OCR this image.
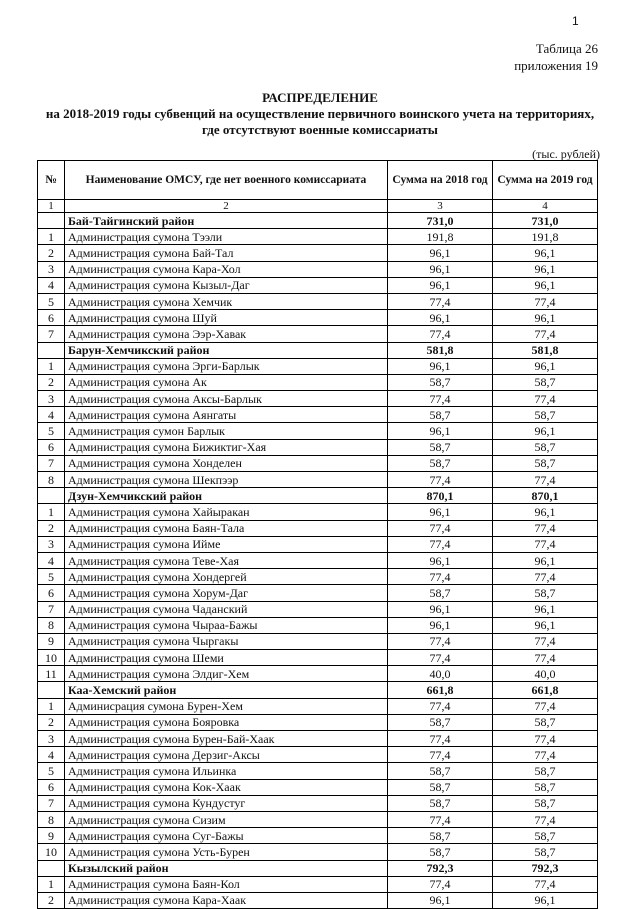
1
Таблица 26
приложения 19
РАСПРЕДЕЛЕНИЕ
на 2018-2019 годы субвенций на осуществление первичного воинского учета на территориях,
где отсутствуют военные комиссариаты
(тыс. рублей)
№	Наименование ОМСУ, где нет военного комиссариата	Сумма на 2018 год	Сумма на 2019 год
1	2	3	4
	Бай-Тайгинский район	731,0	731,0
1	Администрация сумона Тээли	191,8	191,8
2	Администрация сумона Бай-Тал	96,1	96,1
3	Администрация сумона Кара-Хол	96,1	96,1
4	Администрация сумона Кызыл-Даг	96,1	96,1
5	Администрация сумона Хемчик	77,4	77,4
6	Администрация сумона Шуй	96,1	96,1
7	Администрация сумона Ээр-Хавак	77,4	77,4
	Барун-Хемчикский район	581,8	581,8
1	Администрация сумона Эрги-Барлык	96,1	96,1
2	Администрация сумона Ак	58,7	58,7
3	Администрация сумона Аксы-Барлык	77,4	77,4
4	Администрация сумона Аянгаты	58,7	58,7
5	Администрация сумон Барлык	96,1	96,1
6	Администрация сумона Бижиктиг-Хая	58,7	58,7
7	Администрация сумона Хонделен	58,7	58,7
8	Администрация сумона Шекпээр	77,4	77,4
	Дзун-Хемчикский район	870,1	870,1
1	Администрация сумона Хайыракан	96,1	96,1
2	Администрация сумона Баян-Тала	77,4	77,4
3	Администрация сумона Ийме	77,4	77,4
4	Администрация сумона Теве-Хая	96,1	96,1
5	Администрация сумона Хондергей	77,4	77,4
6	Администрация сумона Хорум-Даг	58,7	58,7
7	Администрация сумона Чаданский	96,1	96,1
8	Администрация сумона Чыраа-Бажы	96,1	96,1
9	Администрация сумона Чыргакы	77,4	77,4
10	Администрация сумона Шеми	77,4	77,4
11	Администрация сумона Элдиг-Хем	40,0	40,0
	Каа-Хемский район	661,8	661,8
1	Админисрация сумона Бурен-Хем	77,4	77,4
2	Администрация сумона Бояровка	58,7	58,7
3	Администрация сумона Бурен-Бай-Хаак	77,4	77,4
4	Администрация сумона Дерзиг-Аксы	77,4	77,4
5	Администрация сумона Ильинка	58,7	58,7
6	Администрация сумона Кок-Хаак	58,7	58,7
7	Администрация сумона Кундустуг	58,7	58,7
8	Администрация сумона Сизим	77,4	77,4
9	Администрация сумона Суг-Бажы	58,7	58,7
10	Администрация сумона Усть-Бурен	58,7	58,7
	Кызылский район	792,3	792,3
1	Администрация сумона Баян-Кол	77,4	77,4
2	Администрация сумона Кара-Хаак	96,1	96,1
